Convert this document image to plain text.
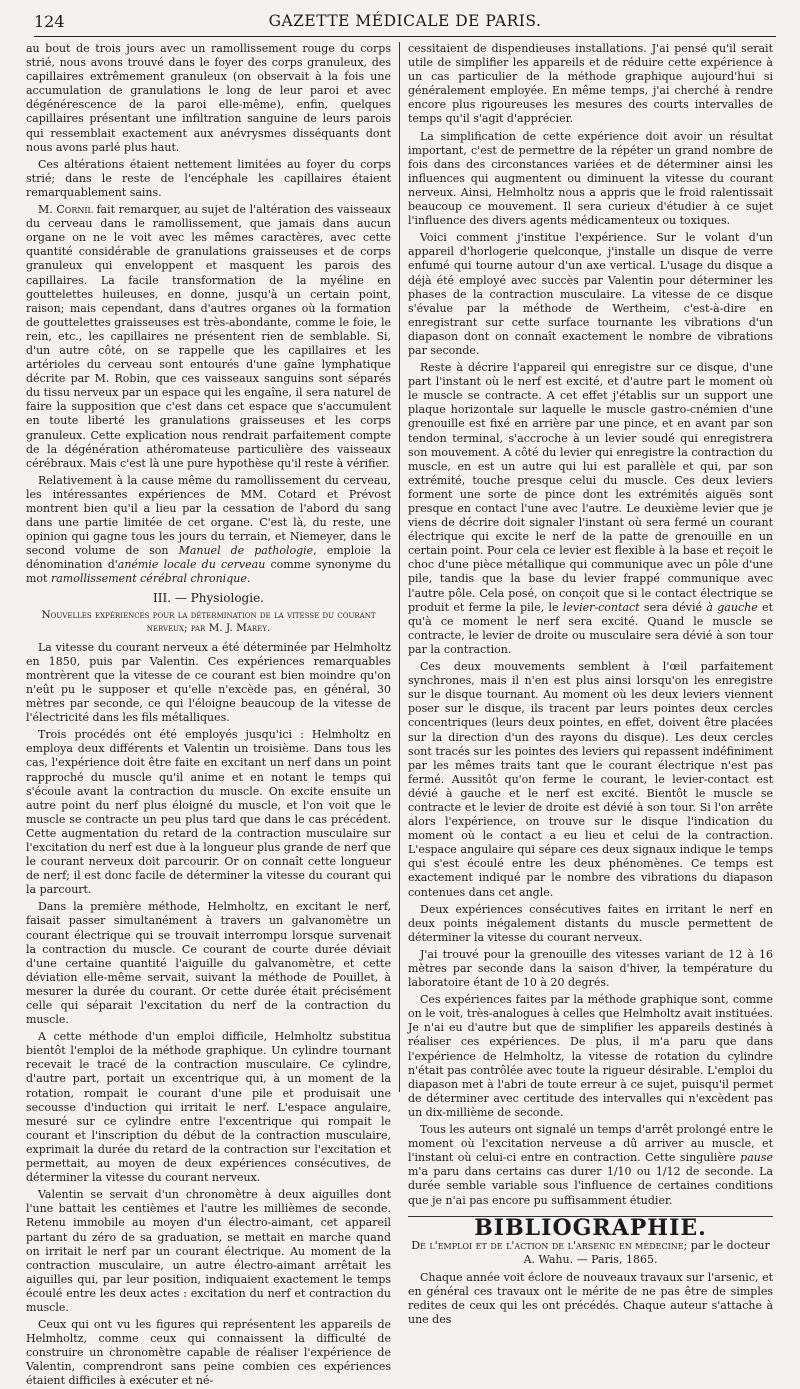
124	GAZETTE MÉDICALE DE PARIS.

au bout de trois jours avec un ramollissement rouge du corps strié, nous avons trouvé dans le foyer des corps granuleux, des capillaires extrêmement granuleux (on observait à la fois une accumulation de granulations le long de leur paroi et avec dégénérescence de la paroi elle-même), enfin, quelques capillaires présentant une infiltration sanguine de leurs parois qui ressemblait exactement aux anévrysmes disséquants dont nous avons parlé plus haut.

Ces altérations étaient nettement limitées au foyer du corps strié; dans le reste de l'encéphale les capillaires étaient remarquablement sains.

M. Cornil fait remarquer, au sujet de l'altération des vaisseaux du cerveau dans le ramollissement, que jamais dans aucun organe on ne le voit avec les mêmes caractères, avec cette quantité considérable de granulations graisseuses et de corps granuleux qui enveloppent et masquent les parois des capillaires. La facile transformation de la myéline en gouttelettes huileuses, en donne, jusqu'à un certain point, raison; mais cependant, dans d'autres organes où la formation de gouttelettes graisseuses est très-abondante, comme le foie, le rein, etc., les capillaires ne présentent rien de semblable. Si, d'un autre côté, on se rappelle que les capillaires et les artérioles du cerveau sont entourés d'une gaîne lymphatique décrite par M. Robin, que ces vaisseaux sanguins sont séparés du tissu nerveux par un espace qui les engaîne, il sera naturel de faire la supposition que c'est dans cet espace que s'accumulent en toute liberté les granulations graisseuses et les corps granuleux. Cette explication nous rendrait parfaitement compte de la dégénération athéromateuse particulière des vaisseaux cérébraux. Mais c'est là une pure hypothèse qu'il reste à vérifier.

Relativement à la cause même du ramollissement du cerveau, les intéressantes expériences de MM. Cotard et Prévost montrent bien qu'il a lieu par la cessation de l'abord du sang dans une partie limitée de cet organe. C'est là, du reste, une opinion qui gagne tous les jours du terrain, et Niemeyer, dans le second volume de son Manuel de pathologie, emploie la dénomination d'anémie locale du cerveau comme synonyme du mot ramollissement cérébral chronique.

III. — Physiologie.
Nouvelles expériences pour la détermination de la vitesse du courant nerveux; par M. J. Marey.

La vitesse du courant nerveux a été déterminée par Helmholtz en 1850, puis par Valentin. Ces expériences remarquables montrèrent que la vitesse de ce courant est bien moindre qu'on n'eût pu le supposer et qu'elle n'excède pas, en général, 30 mètres par seconde, ce qui l'éloigne beaucoup de la vitesse de l'électricité dans les fils métalliques.

Trois procédés ont été employés jusqu'ici : Helmholtz en employa deux différents et Valentin un troisième. Dans tous les cas, l'expérience doit être faite en excitant un nerf dans un point rapproché du muscle qu'il anime et en notant le temps qui s'écoule avant la contraction du muscle. On excite ensuite un autre point du nerf plus éloigné du muscle, et l'on voit que le muscle se contracte un peu plus tard que dans le cas précédent. Cette augmentation du retard de la contraction musculaire sur l'excitation du nerf est due à la longueur plus grande de nerf que le courant nerveux doit parcourir. Or on connaît cette longueur de nerf; il est donc facile de déterminer la vitesse du courant qui la parcourt.

Dans la première méthode, Helmholtz, en excitant le nerf, faisait passer simultanément à travers un galvanomètre un courant électrique qui se trouvait interrompu lorsque survenait la contraction du muscle. Ce courant de courte durée déviait d'une certaine quantité l'aiguille du galvanomètre, et cette déviation elle-même servait, suivant la méthode de Pouillet, à mesurer la durée du courant. Or cette durée était précisément celle qui séparait l'excitation du nerf de la contraction du muscle.

A cette méthode d'un emploi difficile, Helmholtz substitua bientôt l'emploi de la méthode graphique. Un cylindre tournant recevait le tracé de la contraction musculaire. Ce cylindre, d'autre part, portait un excentrique qui, à un moment de la rotation, rompait le courant d'une pile et produisait une secousse d'induction qui irritait le nerf. L'espace angulaire, mesuré sur ce cylindre entre l'excentrique qui rompait le courant et l'inscription du début de la contraction musculaire, exprimait la durée du retard de la contraction sur l'excitation et permettait, au moyen de deux expériences consécutives, de déterminer la vitesse du courant nerveux.

Valentin se servait d'un chronomètre à deux aiguilles dont l'une battait les centièmes et l'autre les millièmes de seconde. Retenu immobile au moyen d'un électro-aimant, cet appareil partant du zéro de sa graduation, se mettait en marche quand on irritait le nerf par un courant électrique. Au moment de la contraction musculaire, un autre électro-aimant arrêtait les aiguilles qui, par leur position, indiquaient exactement le temps écoulé entre les deux actes : excitation du nerf et contraction du muscle.

Ceux qui ont vu les figures qui représentent les appareils de Helmholtz, comme ceux qui connaissent la difficulté de construire un chronomètre capable de réaliser l'expérience de Valentin, comprendront sans peine combien ces expériences étaient difficiles à exécuter et né-

cessitaient de dispendieuses installations. J'ai pensé qu'il serait utile de simplifier les appareils et de réduire cette expérience à un cas particulier de la méthode graphique aujourd'hui si généralement employée. En même temps, j'ai cherché à rendre encore plus rigoureuses les mesures des courts intervalles de temps qu'il s'agit d'apprécier.

La simplification de cette expérience doit avoir un résultat important, c'est de permettre de la répéter un grand nombre de fois dans des circonstances variées et de déterminer ainsi les influences qui augmentent ou diminuent la vitesse du courant nerveux. Ainsi, Helmholtz nous a appris que le froid ralentissait beaucoup ce mouvement. Il sera curieux d'étudier à ce sujet l'influence des divers agents médicamenteux ou toxiques.

Voici comment j'institue l'expérience. Sur le volant d'un appareil d'horlogerie quelconque, j'installe un disque de verre enfumé qui tourne autour d'un axe vertical. L'usage du disque a déjà été employé avec succès par Valentin pour déterminer les phases de la contraction musculaire. La vitesse de ce disque s'évalue par la méthode de Wertheim, c'est-à-dire en enregistrant sur cette surface tournante les vibrations d'un diapason dont on connaît exactement le nombre de vibrations par seconde.

Reste à décrire l'appareil qui enregistre sur ce disque, d'une part l'instant où le nerf est excité, et d'autre part le moment où le muscle se contracte. A cet effet j'établis sur un support une plaque horizontale sur laquelle le muscle gastro-cnémien d'une grenouille est fixé en arrière par une pince, et en avant par son tendon terminal, s'accroche à un levier soudé qui enregistrera son mouvement. A côté du levier qui enregistre la contraction du muscle, en est un autre qui lui est parallèle et qui, par son extrémité, touche presque celui du muscle. Ces deux leviers forment une sorte de pince dont les extrémités aiguës sont presque en contact l'une avec l'autre. Le deuxième levier que je viens de décrire doit signaler l'instant où sera fermé un courant électrique qui excite le nerf de la patte de grenouille en un certain point. Pour cela ce levier est flexible à la base et reçoit le choc d'une pièce métallique qui communique avec un pôle d'une pile, tandis que la base du levier frappé communique avec l'autre pôle. Cela posé, on conçoit que si le contact électrique se produit et ferme la pile, le levier-contact sera dévié à gauche et qu'à ce moment le nerf sera excité. Quand le muscle se contracte, le levier de droite ou musculaire sera dévié à son tour par la contraction.

Ces deux mouvements semblent à l'œil parfaitement synchrones, mais il n'en est plus ainsi lorsqu'on les enregistre sur le disque tournant. Au moment où les deux leviers viennent poser sur le disque, ils tracent par leurs pointes deux cercles concentriques (leurs deux pointes, en effet, doivent être placées sur la direction d'un des rayons du disque). Les deux cercles sont tracés sur les pointes des leviers qui repassent indéfiniment par les mêmes traits tant que le courant électrique n'est pas fermé. Aussitôt qu'on ferme le courant, le levier-contact est dévié à gauche et le nerf est excité. Bientôt le muscle se contracte et le levier de droite est dévié à son tour. Si l'on arrête alors l'expérience, on trouve sur le disque l'indication du moment où le contact a eu lieu et celui de la contraction. L'espace angulaire qui sépare ces deux signaux indique le temps qui s'est écoulé entre les deux phénomènes. Ce temps est exactement indiqué par le nombre des vibrations du diapason contenues dans cet angle.

Deux expériences consécutives faites en irritant le nerf en deux points inégalement distants du muscle permettent de déterminer la vitesse du courant nerveux.

J'ai trouvé pour la grenouille des vitesses variant de 12 à 16 mètres par seconde dans la saison d'hiver, la température du laboratoire étant de 10 à 20 degrés.

Ces expériences faites par la méthode graphique sont, comme on le voit, très-analogues à celles que Helmholtz avait instituées. Je n'ai eu d'autre but que de simplifier les appareils destinés à réaliser ces expériences. De plus, il m'a paru que dans l'expérience de Helmholtz, la vitesse de rotation du cylindre n'était pas contrôlée avec toute la rigueur désirable. L'emploi du diapason met à l'abri de toute erreur à ce sujet, puisqu'il permet de déterminer avec certitude des intervalles qui n'excèdent pas un dix-millième de seconde.

Tous les auteurs ont signalé un temps d'arrêt prolongé entre le moment où l'excitation nerveuse a dû arriver au muscle, et l'instant où celui-ci entre en contraction. Cette singulière pause m'a paru dans certains cas durer 1/10 ou 1/12 de seconde. La durée semble variable sous l'influence de certaines conditions que je n'ai pas encore pu suffisamment étudier.

BIBLIOGRAPHIE.
De l'emploi et de l'action de l'arsenic en médecine; par le docteur A. Wahu. — Paris, 1865.

Chaque année voit éclore de nouveaux travaux sur l'arsenic, et en général ces travaux ont le mérite de ne pas être de simples redites de ceux qui les ont précédés. Chaque auteur s'attache à une des
